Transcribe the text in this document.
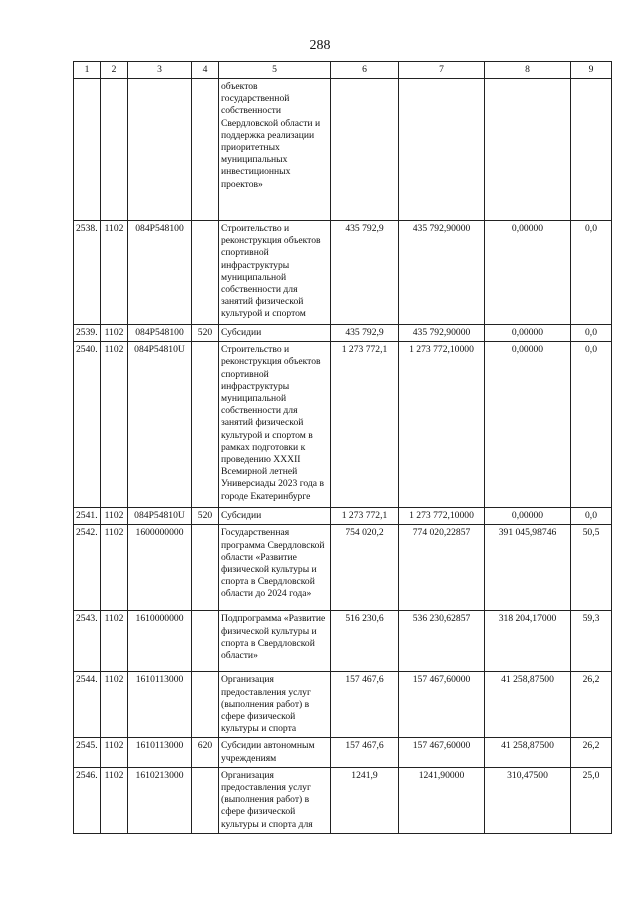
288
1	2	3	4	5	6	7	8	9
				объектов государственной собственности Свердловской области и поддержка реализации приоритетных муниципальных инвестиционных проектов»				
2538.	1102	084P548100		Строительство и реконструкция объектов спортивной инфраструктуры муниципальной собственности для занятий физической культурой и спортом	435 792,9	435 792,90000	0,00000	0,0
2539.	1102	084P548100	520	Субсидии	435 792,9	435 792,90000	0,00000	0,0
2540.	1102	084P54810U		Строительство и реконструкция объектов спортивной инфраструктуры муниципальной собственности для занятий физической культурой и спортом в рамках подготовки к проведению XXXII Всемирной летней Универсиады 2023 года в городе Екатеринбурге	1 273 772,1	1 273 772,10000	0,00000	0,0
2541.	1102	084P54810U	520	Субсидии	1 273 772,1	1 273 772,10000	0,00000	0,0
2542.	1102	1600000000		Государственная программа Свердловской области «Развитие физической культуры и спорта в Свердловской области до 2024 года»	754 020,2	774 020,22857	391 045,98746	50,5
2543.	1102	1610000000		Подпрограмма «Развитие физической культуры и спорта в Свердловской области»	516 230,6	536 230,62857	318 204,17000	59,3
2544.	1102	1610113000		Организация предоставления услуг (выполнения работ) в сфере физической культуры и спорта	157 467,6	157 467,60000	41 258,87500	26,2
2545.	1102	1610113000	620	Субсидии автономным учреждениям	157 467,6	157 467,60000	41 258,87500	26,2
2546.	1102	1610213000		Организация предоставления услуг (выполнения работ) в сфере физической культуры и спорта для	1241,9	1241,90000	310,47500	25,0
